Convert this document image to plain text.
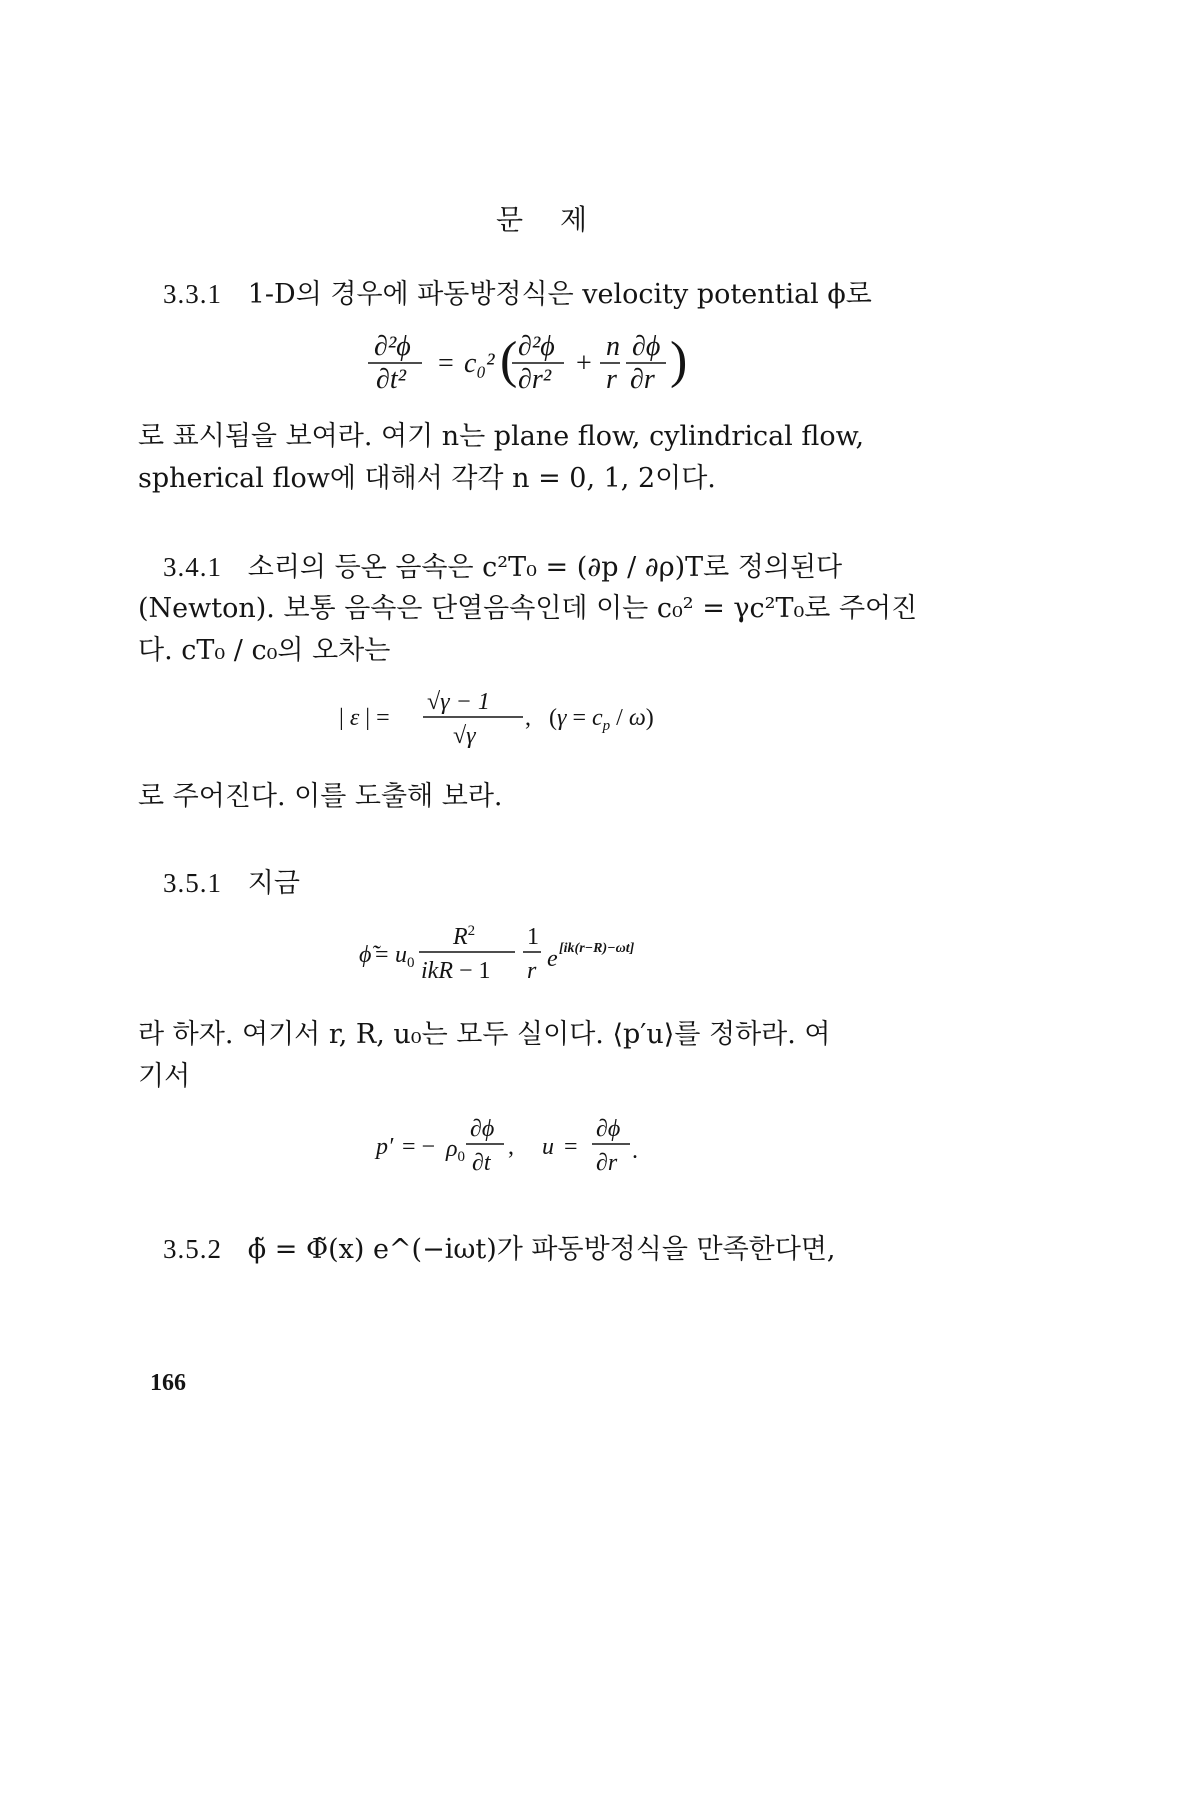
문 제
3.3.1 1-D의 경우에 파동방정식은 velocity potential ϕ로
∂²ϕ
∂t²
= c₀² ( ∂²ϕ
∂r²
+
n
r
∂ϕ
∂r )
로 표시됨을 보여라. 여기 n는 plane flow, cylindrical flow,
spherical flow에 대해서 각각 n = 0, 1, 2이다.
3.4.1 소리의 등온 음속은 c²T₀ = (∂p / ∂ρ)T로 정의된다
(Newton). 보통 음속은 단열음속인데 이는 c₀² = γc²T₀로 주어진
다. cT₀ / c₀의 오차는
| ε | =
√γ − 1
√γ
, $(\gamma = c_p / \omega)$
로 주어진다. 이를 도출해 보라.
3.5.1 지금
ϕ̃ = $u_0$
$R^2$
ikR − 1
1
r e [ik(r−R)−ωt]
라 하자. 여기서 r, R, u₀는 모두 실이다. ⟨p′u⟩를 정하라. 여
기서
p′ = − $\rho_0$
∂ϕ
∂t
, u =
∂ϕ
∂r .
3.5.2 ϕ̃ = Φ̃(x) e^(−iωt)가 파동방정식을 만족한다면,
166
